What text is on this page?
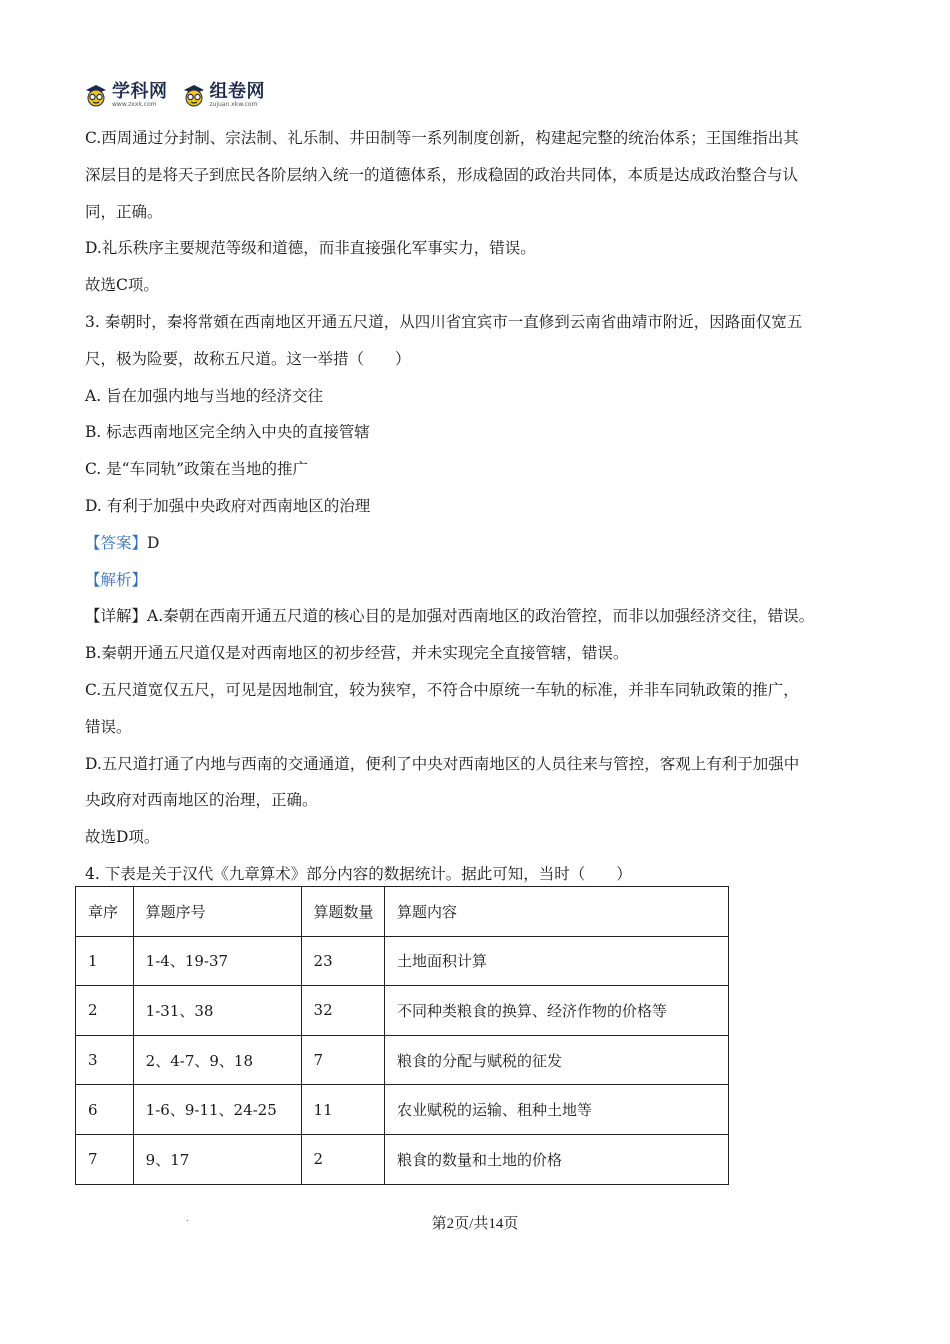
学科网
www.zxxk.com
组卷网
zujuan.xkw.com
C.西周通过分封制、宗法制、礼乐制、井田制等一系列制度创新，构建起完整的统治体系；王国维指出其
深层目的是将天子到庶民各阶层纳入统一的道德体系，形成稳固的政治共同体，本质是达成政治整合与认
同，正确。
D.礼乐秩序主要规范等级和道德，而非直接强化军事实力，错误。
故选C项。
3. 秦朝时，秦将常頞在西南地区开通五尺道，从四川省宜宾市一直修到云南省曲靖市附近，因路面仅宽五
尺，极为险要，故称五尺道。这一举措（　　）
A. 旨在加强内地与当地的经济交往
B. 标志西南地区完全纳入中央的直接管辖
C. 是“车同轨”政策在当地的推广
D. 有利于加强中央政府对西南地区的治理
【答案】D
【解析】
【详解】A.秦朝在西南开通五尺道的核心目的是加强对西南地区的政治管控，而非以加强经济交往，错误。
B.秦朝开通五尺道仅是对西南地区的初步经营，并未实现完全直接管辖，错误。
C.五尺道宽仅五尺，可见是因地制宜，较为狭窄，不符合中原统一车轨的标准，并非车同轨政策的推广，
错误。
D.五尺道打通了内地与西南的交通通道，便利了中央对西南地区的人员往来与管控，客观上有利于加强中
央政府对西南地区的治理，正确。
故选D项。
4. 下表是关于汉代《九章算术》部分内容的数据统计。据此可知，当时（　　）
章序	算题序号	算题数量	算题内容
1	1-4、19-37	23	土地面积计算
2	1-31、38	32	不同种类粮食的换算、经济作物的价格等
3	2、4-7、9、18	7	粮食的分配与赋税的征发
6	1-6、9-11、24-25	11	农业赋税的运输、租种土地等
7	9、17	2	粮食的数量和土地的价格
.	第2页/共14页
